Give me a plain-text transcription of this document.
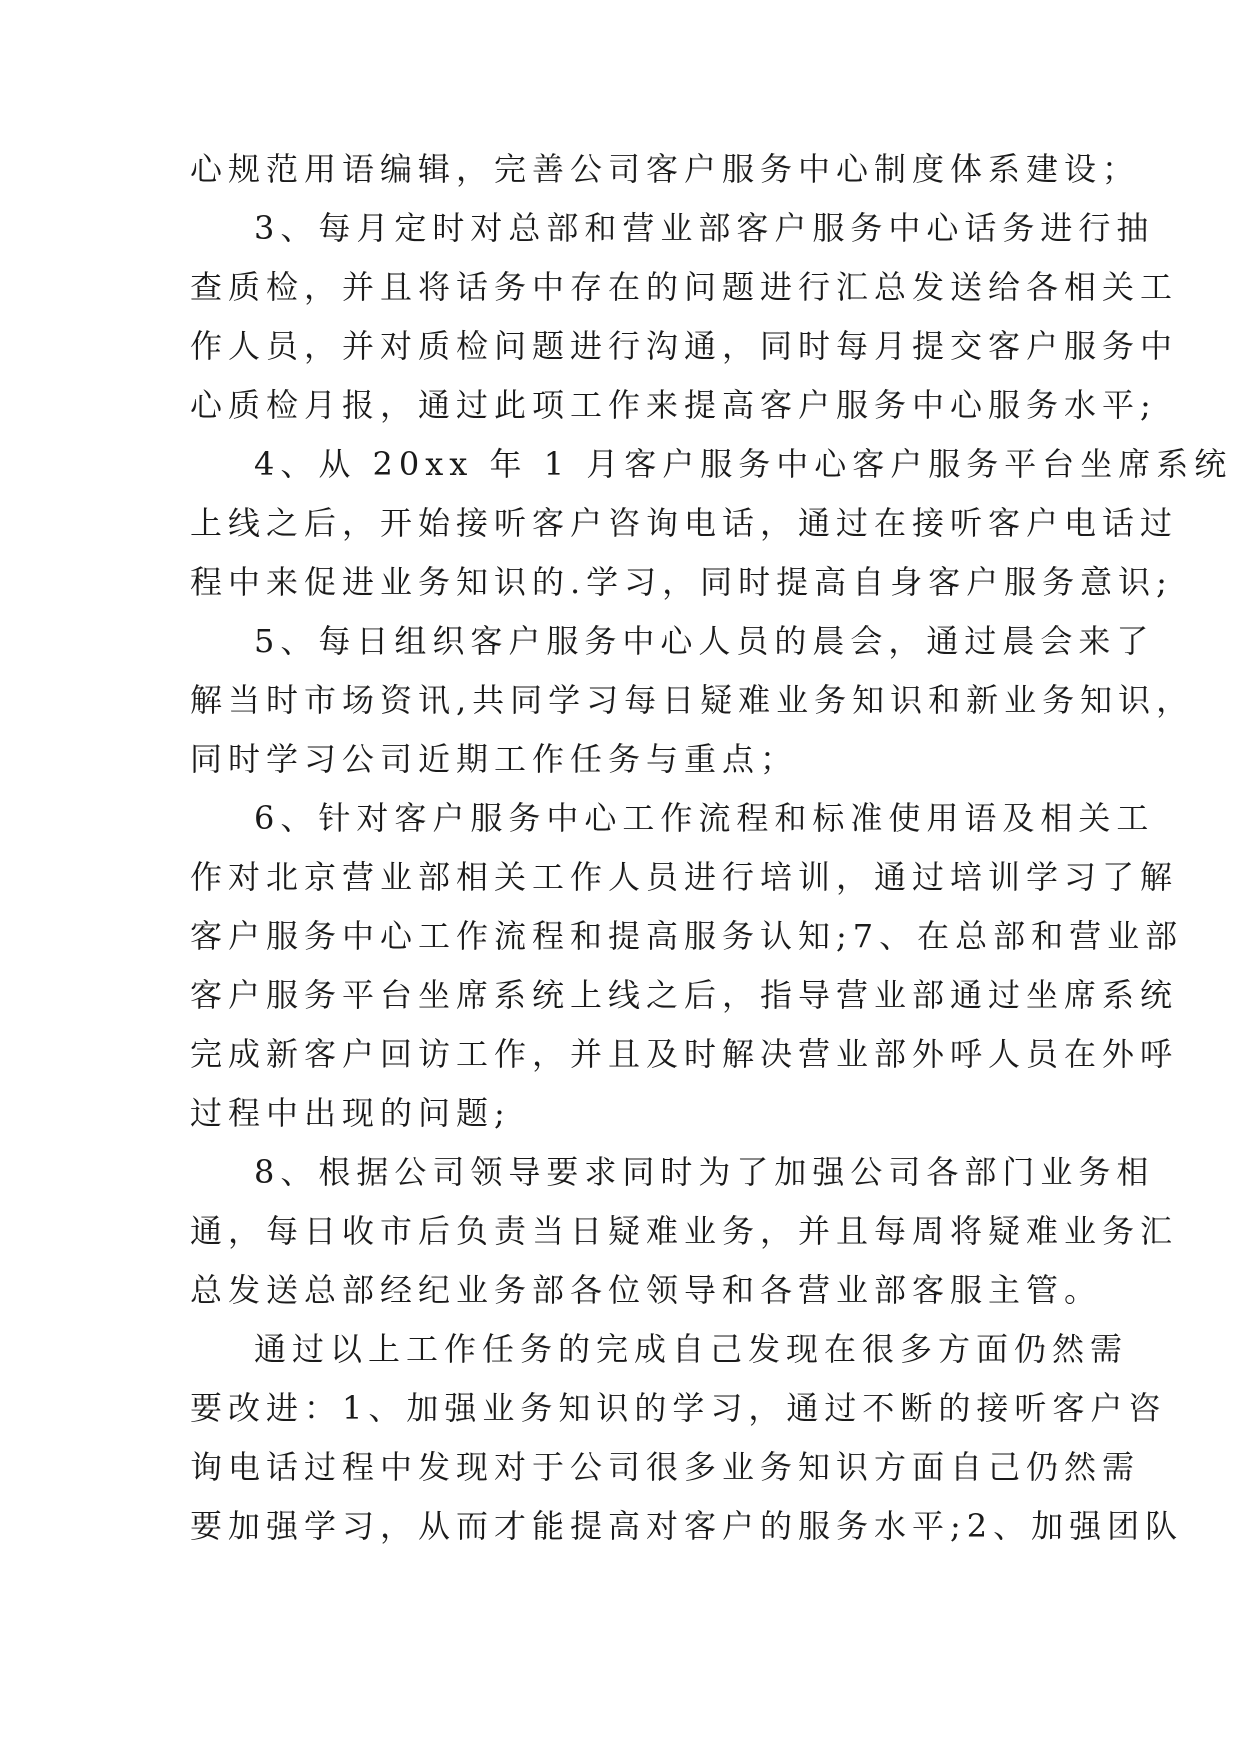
心规范用语编辑，完善公司客户服务中心制度体系建设；
3、每月定时对总部和营业部客户服务中心话务进行抽
查质检，并且将话务中存在的问题进行汇总发送给各相关工
作人员，并对质检问题进行沟通，同时每月提交客户服务中
心质检月报，通过此项工作来提高客户服务中心服务水平;
4、从 20xx 年 1 月客户服务中心客户服务平台坐席系统
上线之后，开始接听客户咨询电话，通过在接听客户电话过
程中来促进业务知识的.学习，同时提高自身客户服务意识;
5、每日组织客户服务中心人员的晨会，通过晨会来了
解当时市场资讯,共同学习每日疑难业务知识和新业务知识，
同时学习公司近期工作任务与重点；
6、针对客户服务中心工作流程和标准使用语及相关工
作对北京营业部相关工作人员进行培训，通过培训学习了解
客户服务中心工作流程和提高服务认知;7、在总部和营业部
客户服务平台坐席系统上线之后，指导营业部通过坐席系统
完成新客户回访工作，并且及时解决营业部外呼人员在外呼
过程中出现的问题;
8、根据公司领导要求同时为了加强公司各部门业务相
通，每日收市后负责当日疑难业务，并且每周将疑难业务汇
总发送总部经纪业务部各位领导和各营业部客服主管。
通过以上工作任务的完成自己发现在很多方面仍然需
要改进：1、加强业务知识的学习，通过不断的接听客户咨
询电话过程中发现对于公司很多业务知识方面自己仍然需
要加强学习，从而才能提高对客户的服务水平;2、加强团队
